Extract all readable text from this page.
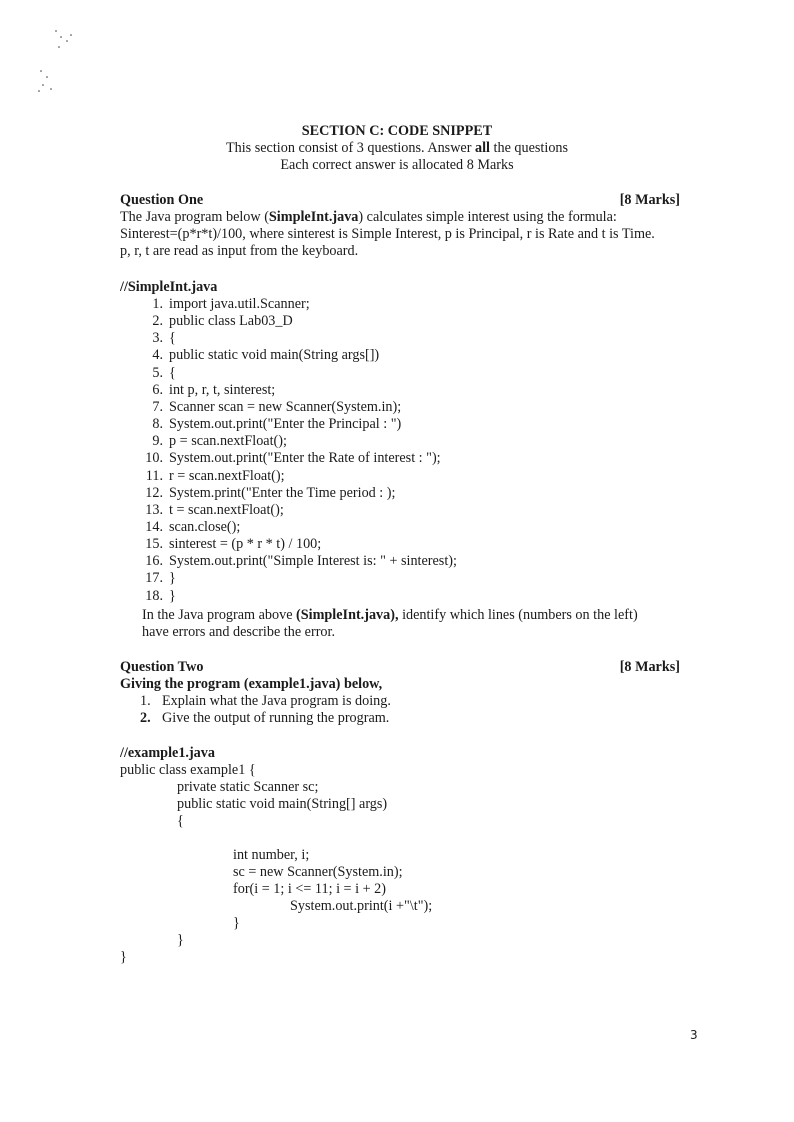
SECTION C: CODE SNIPPET
This section consist of 3 questions. Answer all the questions
Each correct answer is allocated 8 Marks
Question One	[8 Marks]
The Java program below (SimpleInt.java) calculates simple interest using the formula:
Sinterest=(p*r*t)/100, where sinterest is Simple Interest, p is Principal, r is Rate and t is Time.
p, r, t are read as input from the keyboard.
//SimpleInt.java
1. import java.util.Scanner;
2. public class Lab03_D
3. {
4. public static void main(String args[])
5. {
6. int p, r, t, sinterest;
7. Scanner scan = new Scanner(System.in);
8. System.out.print("Enter the Principal : ")
9. p = scan.nextFloat();
10. System.out.print("Enter the Rate of interest : ");
11. r = scan.nextFloat();
12. System.print("Enter the Time period : );
13. t = scan.nextFloat();
14. scan.close();
15. sinterest = (p * r * t) / 100;
16. System.out.print("Simple Interest is: " + sinterest);
17. }
18. }
In the Java program above (SimpleInt.java), identify which lines (numbers on the left)
have errors and describe the error.
Question Two	[8 Marks]
Giving the program (example1.java) below,
1. Explain what the Java program is doing.
2. Give the output of running the program.
//example1.java
public class example1 {
private static Scanner sc;
public static void main(String[] args)
{
int number, i;
sc = new Scanner(System.in);
for(i = 1; i <= 11; i = i + 2)
System.out.print(i +"\t");
}
}
}
3
